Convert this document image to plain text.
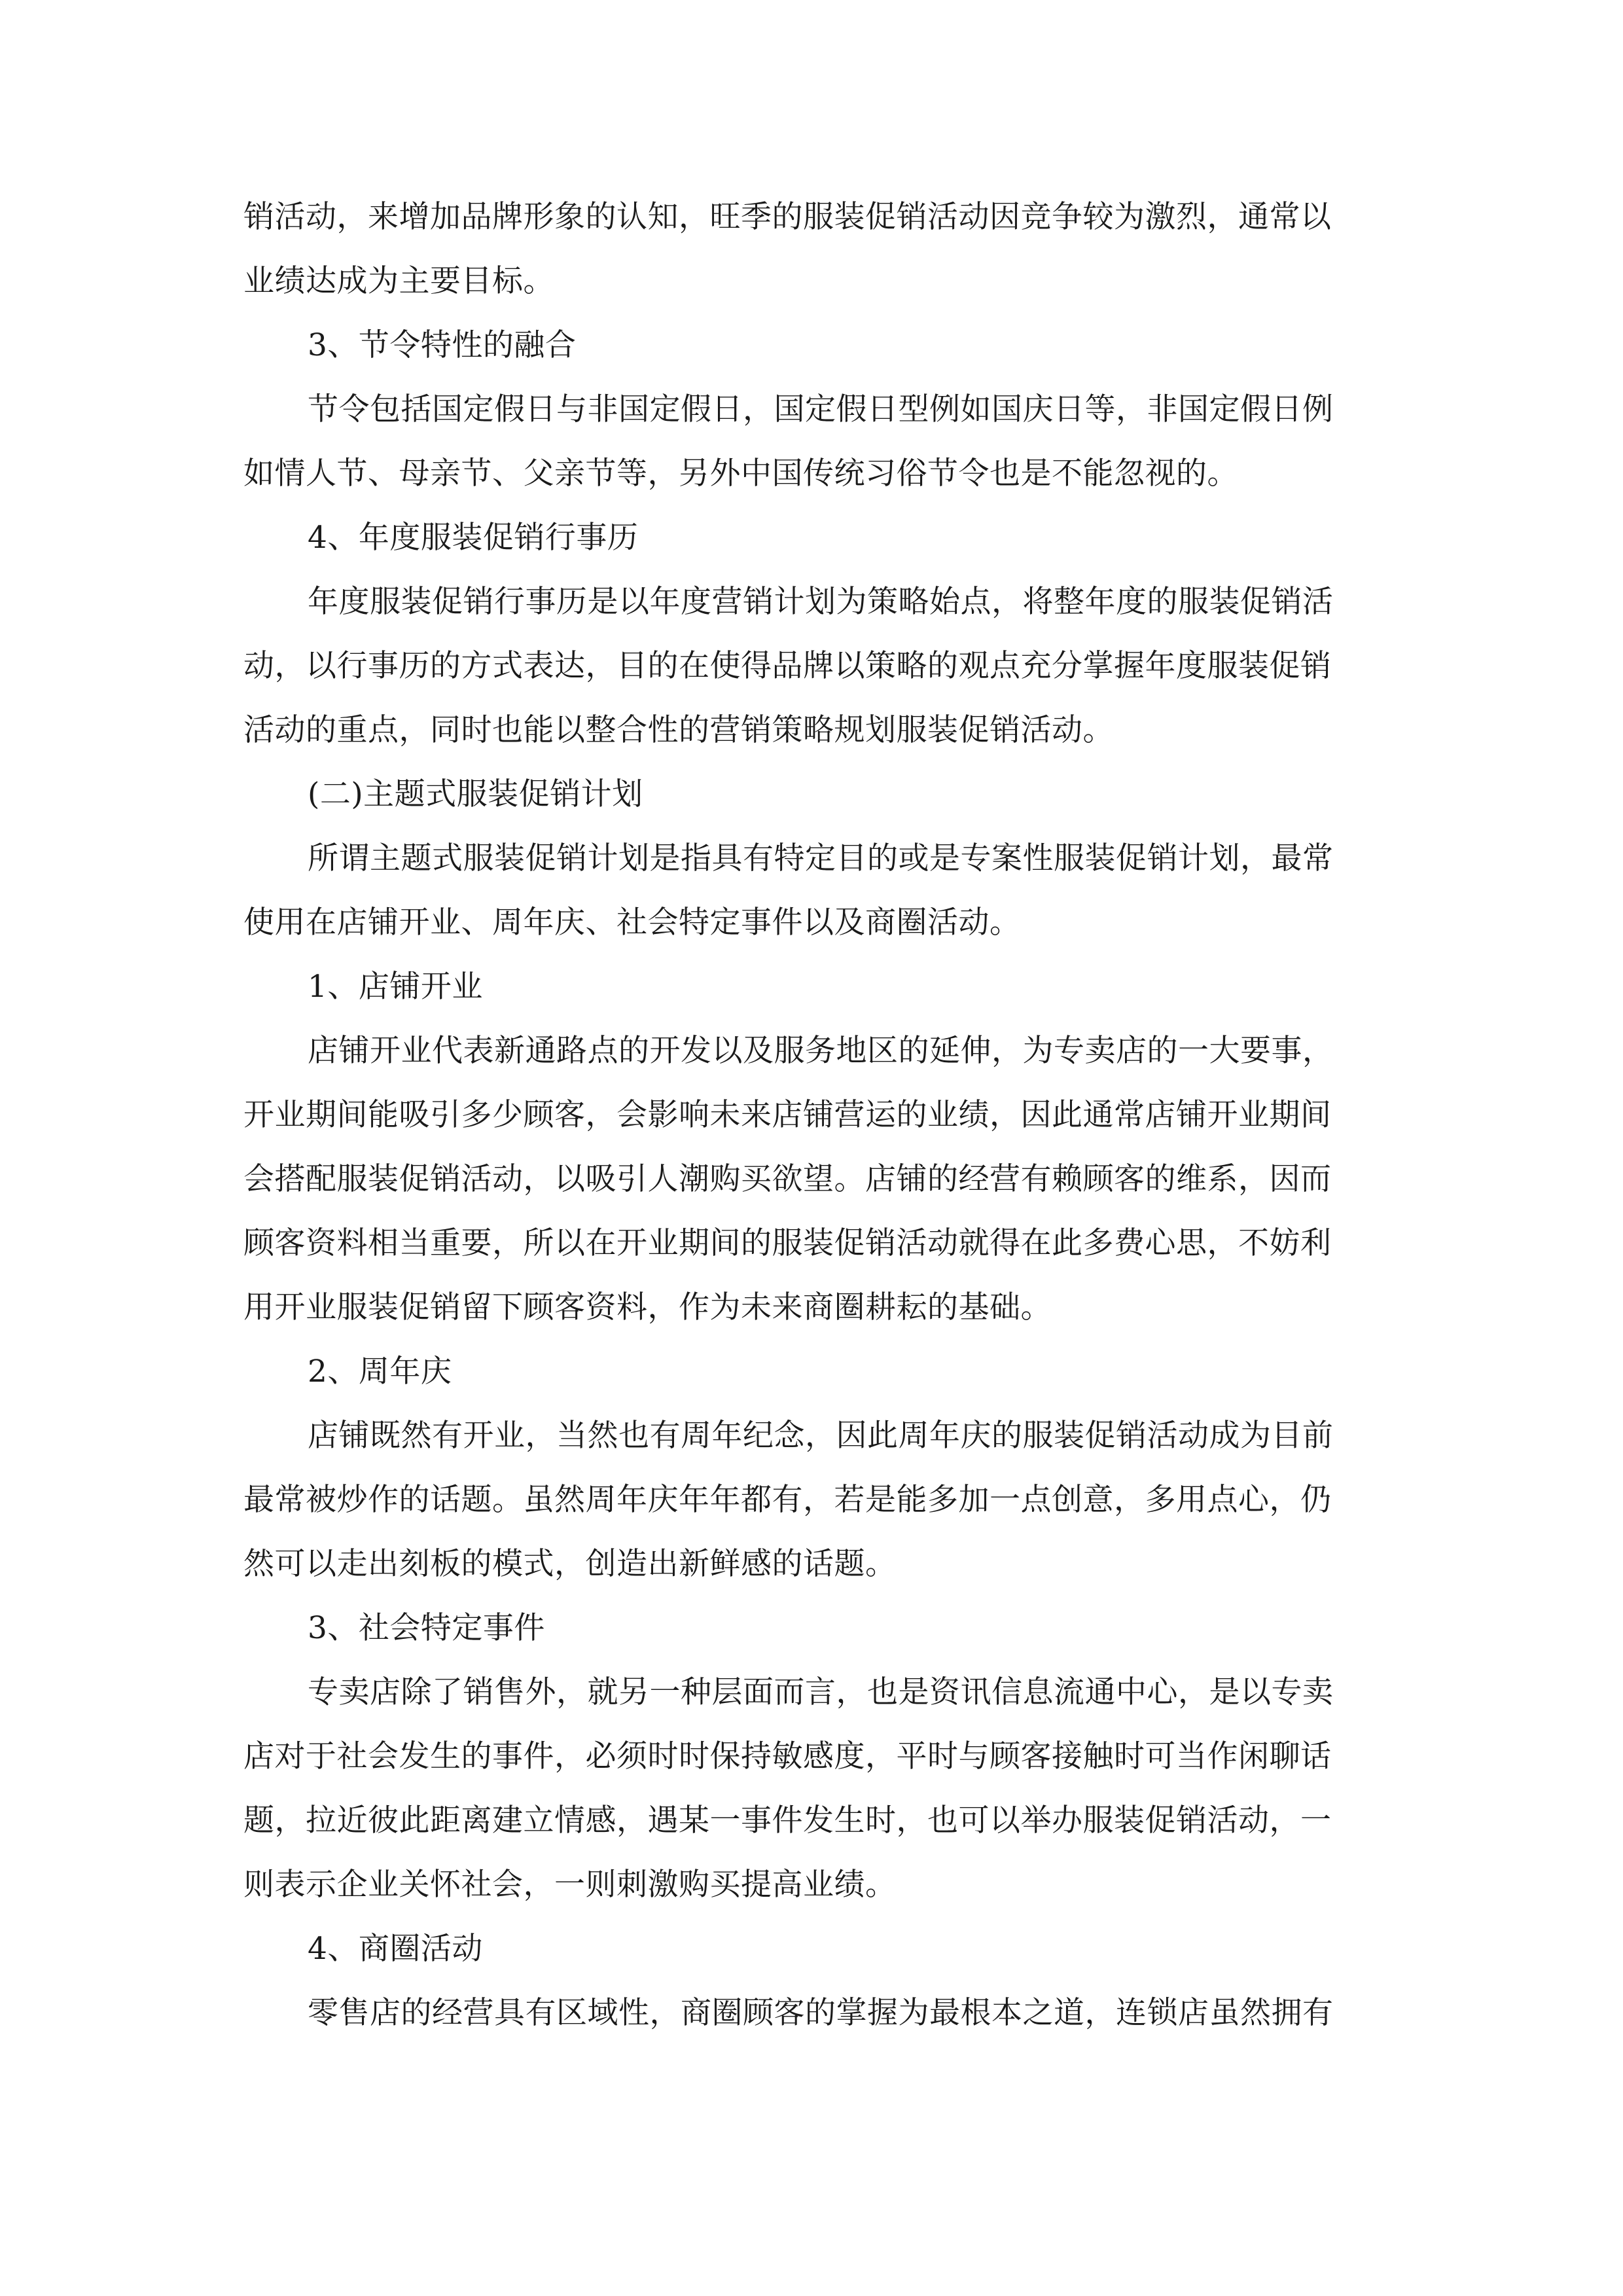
销活动，来增加品牌形象的认知，旺季的服装促销活动因竞争较为激烈，通常以
业绩达成为主要目标。
3、节令特性的融合
节令包括国定假日与非国定假日，国定假日型例如国庆日等，非国定假日例
如情人节、母亲节、父亲节等，另外中国传统习俗节令也是不能忽视的。
4、年度服装促销行事历
年度服装促销行事历是以年度营销计划为策略始点，将整年度的服装促销活
动，以行事历的方式表达，目的在使得品牌以策略的观点充分掌握年度服装促销
活动的重点，同时也能以整合性的营销策略规划服装促销活动。
(二)主题式服装促销计划
所谓主题式服装促销计划是指具有特定目的或是专案性服装促销计划，最常
使用在店铺开业、周年庆、社会特定事件以及商圈活动。
1、店铺开业
店铺开业代表新通路点的开发以及服务地区的延伸，为专卖店的一大要事，
开业期间能吸引多少顾客，会影响未来店铺营运的业绩，因此通常店铺开业期间
会搭配服装促销活动，以吸引人潮购买欲望。店铺的经营有赖顾客的维系，因而
顾客资料相当重要，所以在开业期间的服装促销活动就得在此多费心思，不妨利
用开业服装促销留下顾客资料，作为未来商圈耕耘的基础。
2、周年庆
店铺既然有开业，当然也有周年纪念，因此周年庆的服装促销活动成为目前
最常被炒作的话题。虽然周年庆年年都有，若是能多加一点创意，多用点心，仍
然可以走出刻板的模式，创造出新鲜感的话题。
3、社会特定事件
专卖店除了销售外，就另一种层面而言，也是资讯信息流通中心，是以专卖
店对于社会发生的事件，必须时时保持敏感度，平时与顾客接触时可当作闲聊话
题，拉近彼此距离建立情感，遇某一事件发生时，也可以举办服装促销活动，一
则表示企业关怀社会，一则刺激购买提高业绩。
4、商圈活动
零售店的经营具有区域性，商圈顾客的掌握为最根本之道，连锁店虽然拥有
